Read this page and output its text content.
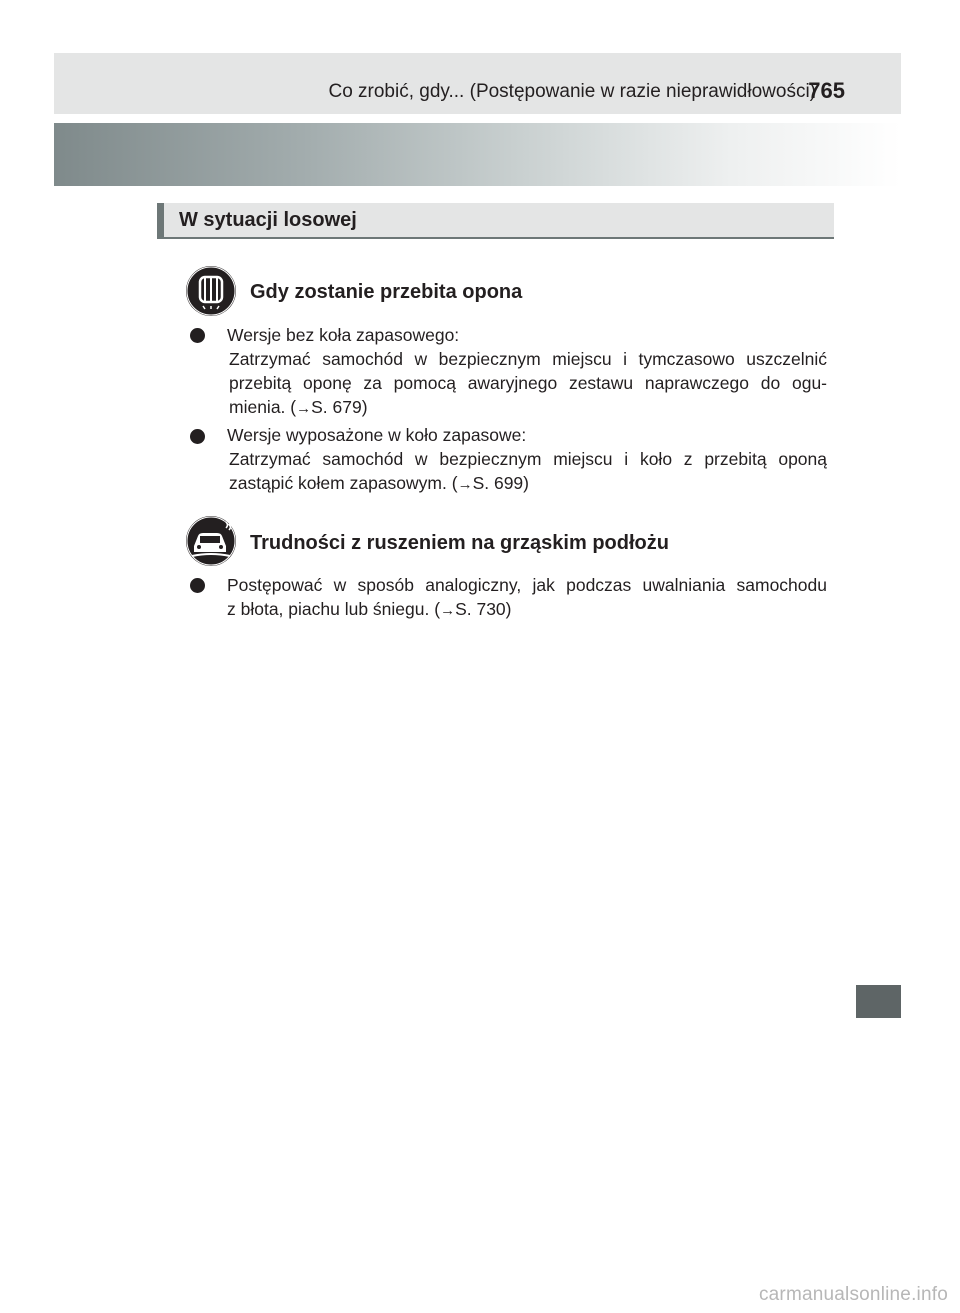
Co zrobić, gdy... (Postępowanie w razie nieprawidłowości)
765
W sytuacji losowej
Gdy zostanie przebita opona
Wersje bez koła zapasowego:
Zatrzymać samochód w bezpiecznym miejscu i tymczasowo uszczelnić
przebitą oponę za pomocą awaryjnego zestawu naprawczego do ogu-
mienia. (→S. 679)
Wersje wyposażone w koło zapasowe:
Zatrzymać samochód w bezpiecznym miejscu i koło z przebitą oponą
zastąpić kołem zapasowym. (→S. 699)
Trudności z ruszeniem na grząskim podłożu
Postępować w sposób analogiczny, jak podczas uwalniania samochodu
z błota, piachu lub śniegu. (→S. 730)
carmanualsonline.info
